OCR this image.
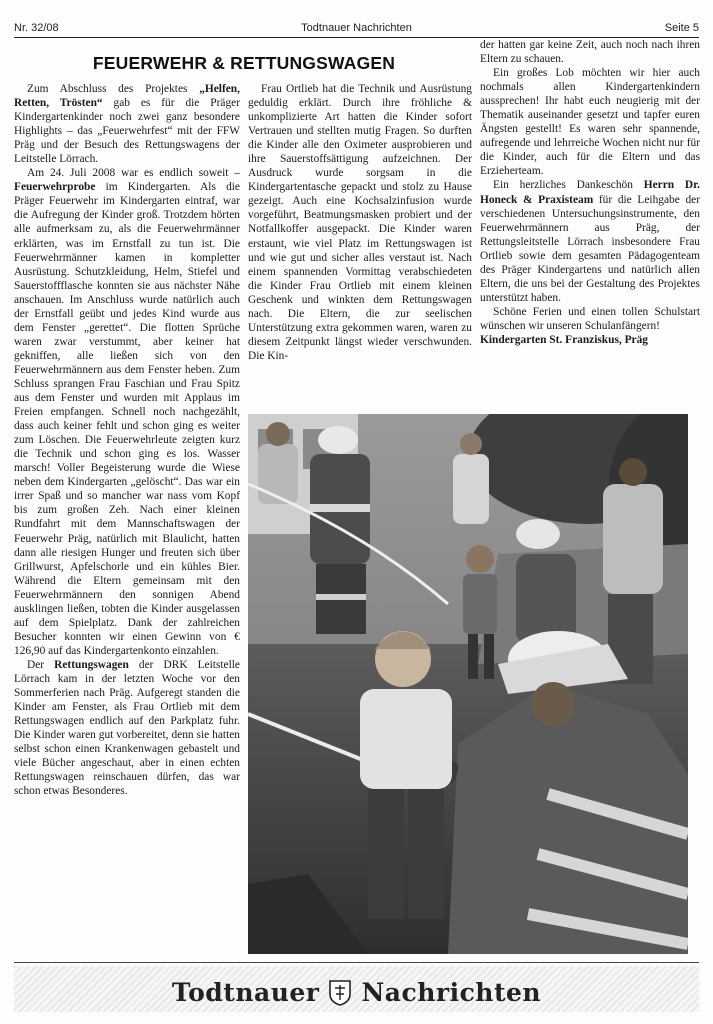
Nr. 32/08	Todtnauer Nachrichten	Seite 5
FEUERWEHR & RETTUNGSWAGEN

Zum Abschluss des Projektes „Helfen, Retten, Trösten“ gab es für die Präger Kindergartenkinder noch zwei ganz besondere Highlights – das „Feuerwehrfest“ mit der FFW Präg und der Besuch des Rettungswagens der Leitstelle Lörrach.

Am 24. Juli 2008 war es endlich soweit – Feuerwehrprobe im Kindergarten. Als die Präger Feuerwehr im Kindergarten eintraf, war die Aufregung der Kinder groß. Trotzdem hörten alle aufmerksam zu, als die Feuerwehrmänner erklärten, was im Ernstfall zu tun ist. Die Feuerwehrmänner kamen in kompletter Ausrüstung. Schutzkleidung, Helm, Stiefel und Sauerstoffflasche konnten sie aus nächster Nähe anschauen. Im Anschluss wurde natürlich auch der Ernstfall geübt und jedes Kind wurde aus dem Fenster „gerettet“. Die flotten Sprüche waren zwar verstummt, aber keiner hat gekniffen, alle ließen sich von den Feuerwehrmännern aus dem Fenster heben. Zum Schluss sprangen Frau Faschian und Frau Spitz aus dem Fenster und wurden mit Applaus im Freien empfangen. Schnell noch nachgezählt, dass auch keiner fehlt und schon ging es weiter zum Löschen. Die Feuerwehrleute zeigten kurz die Technik und schon ging es los. Wasser marsch! Voller Begeisterung wurde die Wiese neben dem Kindergarten „gelöscht“. Das war ein irrer Spaß und so mancher war nass vom Kopf bis zum großen Zeh. Nach einer kleinen Rundfahrt mit dem Mannschaftswagen der Feuerwehr Präg, natürlich mit Blaulicht, hatten dann alle riesigen Hunger und freuten sich über Grillwurst, Apfelschorle und ein kühles Bier. Während die Eltern gemeinsam mit den Feuerwehrmännern den sonnigen Abend ausklingen ließen, tobten die Kinder ausgelassen auf dem Spielplatz. Dank der zahlreichen Besucher konnten wir einen Gewinn von € 126,90 auf das Kindergartenkonto einzahlen.

Der Rettungswagen der DRK Leitstelle Lörrach kam in der letzten Woche vor den Sommerferien nach Präg. Aufgeregt standen die Kinder am Fenster, als Frau Ortlieb mit dem Rettungswagen endlich auf den Parkplatz fuhr. Die Kinder waren gut vorbereitet, denn sie hatten selbst schon einen Krankenwagen gebastelt und viele Bücher angeschaut, aber in einen echten Rettungswagen reinschauen dürfen, das war schon etwas Besonderes.

Frau Ortlieb hat die Technik und Ausrüstung geduldig erklärt. Durch ihre fröhliche & unkomplizierte Art hatten die Kinder sofort Vertrauen und stellten mutig Fragen. So durften die Kinder alle den Oximeter ausprobieren und ihre Sauerstoffsättigung aufzeichnen. Der Ausdruck wurde sorgsam in die Kindergartentasche gepackt und stolz zu Hause gezeigt. Auch eine Kochsalzinfusion wurde vorgeführt, Beatmungsmasken probiert und der Notfallkoffer ausgepackt. Die Kinder waren erstaunt, wie viel Platz im Rettungswagen ist und wie gut und sicher alles verstaut ist. Nach einem spannenden Vormittag verabschiedeten die Kinder Frau Ortlieb mit einem kleinen Geschenk und winkten dem Rettungswagen nach. Die Eltern, die zur seelischen Unterstützung extra gekommen waren, waren zu diesem Zeitpunkt längst wieder verschwunden. Die Kin-

der hatten gar keine Zeit, auch noch nach ihren Eltern zu schauen.

Ein großes Lob möchten wir hier auch nochmals allen Kindergartenkindern aussprechen! Ihr habt euch neugierig mit der Thematik auseinander gesetzt und tapfer euren Ängsten gestellt! Es waren sehr spannende, aufregende und lehrreiche Wochen nicht nur für die Kinder, auch für die Eltern und das Erzieherteam.

Ein herzliches Dankeschön Herrn Dr. Honeck & Praxisteam für die Leihgabe der verschiedenen Untersuchungsinstrumente, den Feuerwehrmännern aus Präg, der Rettungsleitstelle Lörrach insbesondere Frau Ortlieb sowie dem gesamten Pädagogenteam des Präger Kindergartens und natürlich allen Eltern, die uns bei der Gestaltung des Projektes unterstützt haben.

Schöne Ferien und einen tollen Schulstart wünschen wir unseren Schulanfängern!

Kindergarten St. Franziskus, Präg

Todtnauer Nachrichten
